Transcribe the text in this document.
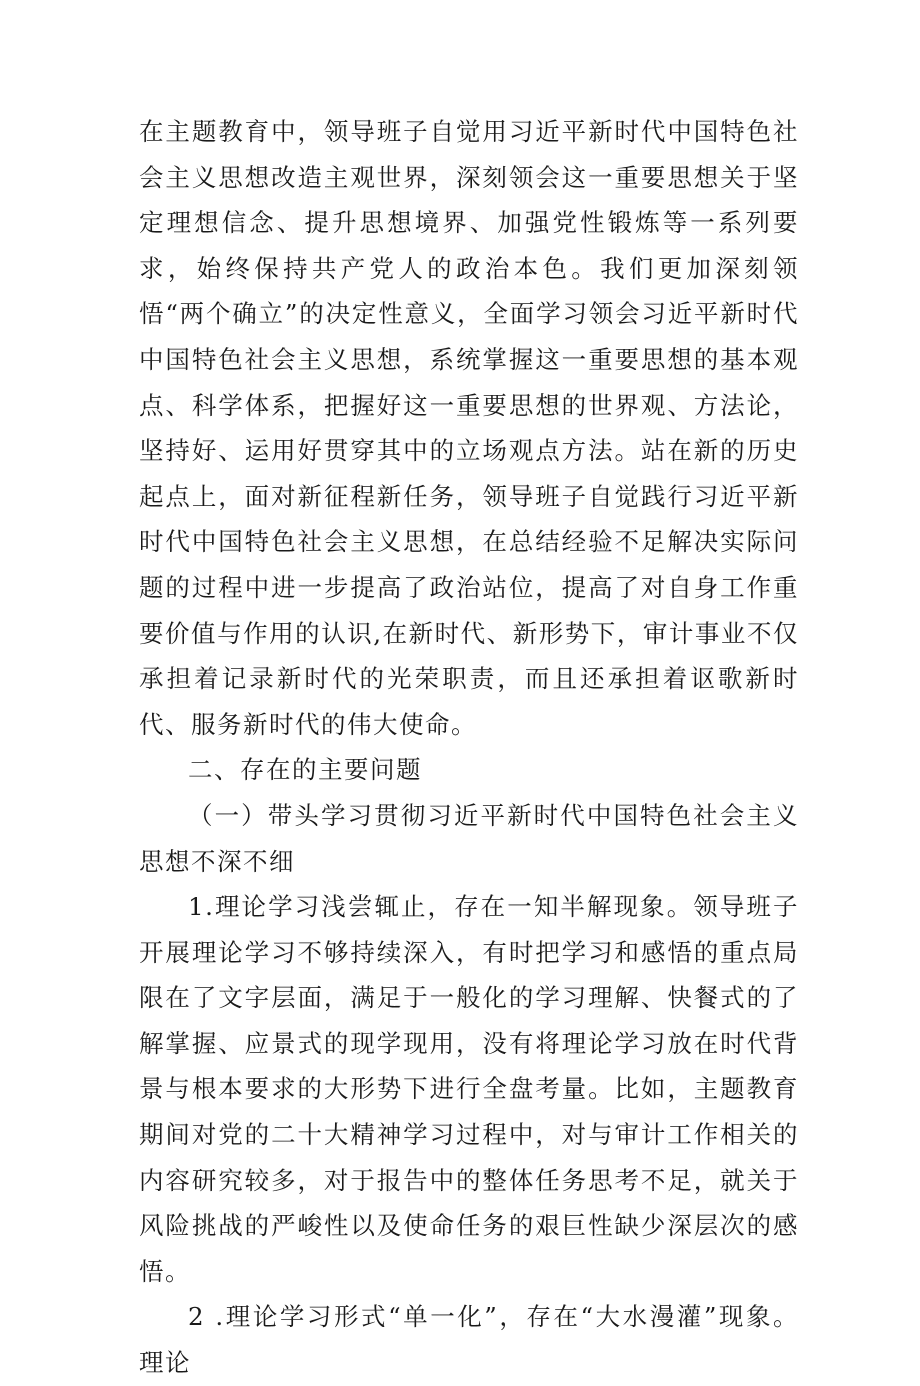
在主题教育中，领导班子自觉用习近平新时代中国特色社会主义思想改造主观世界，深刻领会这一重要思想关于坚定理想信念、提升思想境界、加强党性锻炼等一系列要求，始终保持共产党人的政治本色。我们更加深刻领悟“两个确立”的决定性意义，全面学习领会习近平新时代中国特色社会主义思想，系统掌握这一重要思想的基本观点、科学体系，把握好这一重要思想的世界观、方法论，坚持好、运用好贯穿其中的立场观点方法。站在新的历史起点上，面对新征程新任务，领导班子自觉践行习近平新时代中国特色社会主义思想，在总结经验不足解决实际问题的过程中进一步提高了政治站位，提高了对自身工作重要价值与作用的认识,在新时代、新形势下，审计事业不仅承担着记录新时代的光荣职责，而且还承担着讴歌新时代、服务新时代的伟大使命。

二、存在的主要问题

（一）带头学习贯彻习近平新时代中国特色社会主义思想不深不细

1.理论学习浅尝辄止，存在一知半解现象。领导班子开展理论学习不够持续深入，有时把学习和感悟的重点局限在了文字层面，满足于一般化的学习理解、快餐式的了解掌握、应景式的现学现用，没有将理论学习放在时代背景与根本要求的大形势下进行全盘考量。比如，主题教育期间对党的二十大精神学习过程中，对与审计工作相关的内容研究较多，对于报告中的整体任务思考不足，就关于风险挑战的严峻性以及使命任务的艰巨性缺少深层次的感悟。

2 .理论学习形式“单一化”，存在“大水漫灌”现象。理论
